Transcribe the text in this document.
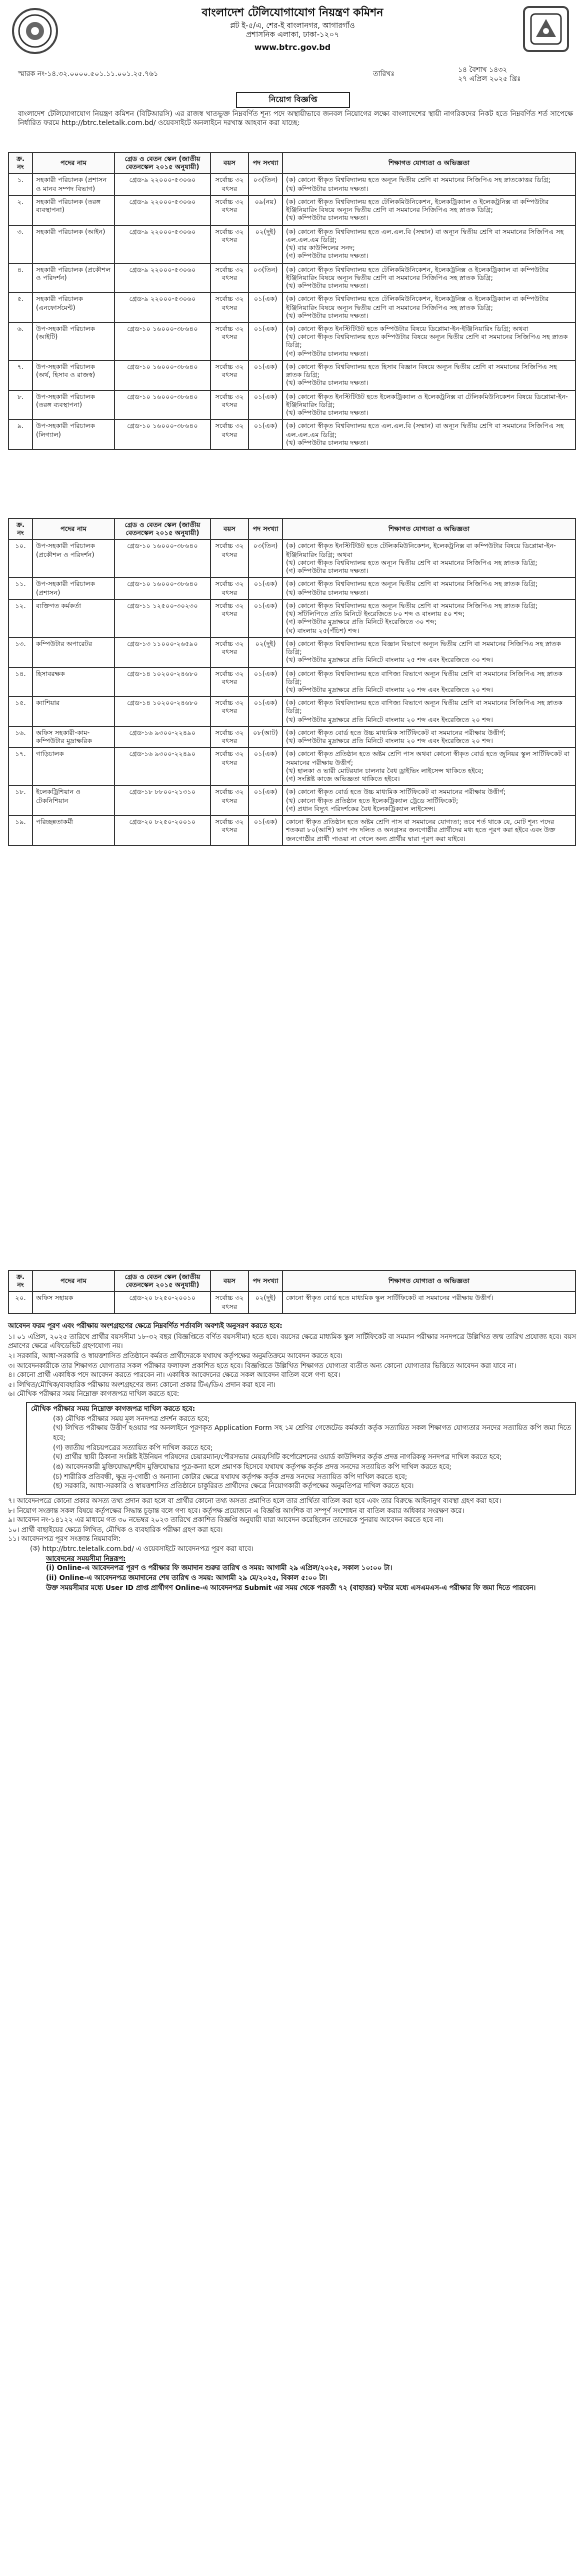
বাংলাদেশ টেলিযোগাযোগ নিয়ন্ত্রণ কমিশন
প্লট ই-৫/এ, শের-ই বাংলানগর, আগারগাঁও
প্রশাসনিক এলাকা, ঢাকা-১২০৭
www.btrc.gov.bd
স্মারক নং-১৪.৩২.০০০০.৫০১.১১.০০১.২৫.৭৬১	তারিখঃ	১৪ বৈশাখ ১৪৩২
২৭ এপ্রিল ২০২৫ খ্রিঃ
নিয়োগ বিজ্ঞপ্তি
বাংলাদেশ টেলিযোগাযোগ নিয়ন্ত্রণ কমিশন (বিটিআরসি) এর রাজস্ব খাতভুক্ত নিম্নবর্ণিত শূন্য পদে অস্থায়ীভাবে জনবল নিয়োগের লক্ষ্যে বাংলাদেশের স্থায়ী নাগরিকদের নিকট হতে নিম্নবর্ণিত শর্ত সাপেক্ষে নির্ধারিত ফরমে http://btrc.teletalk.com.bd/ ওয়েবসাইটে অনলাইনে দরখাস্ত আহবান করা যাচ্ছে:
ক্র. নং	পদের নাম	গ্রেড ও বেতন স্কেল (জাতীয় বেতনস্কেল ২০১৫ অনুযায়ী)	বয়স	পদ সংখ্যা	শিক্ষাগত যোগ্যতা ও অভিজ্ঞতা
১.	সহকারী পরিচালক (প্রশাসন ও মানব সম্পদ বিভাগ)	গ্রেড-৯ ২২০০০-৫৩০৬০	সর্বোচ্চ ৩২ বৎসর	০৩(তিন)	(ক) কোনো স্বীকৃত বিশ্ববিদ্যালয় হতে অন্যূন দ্বিতীয় শ্রেণি বা সমমানের সিজিপিএ সহ স্নাতকোত্তর ডিগ্রি;
(খ) কম্পিউটার চালনায় দক্ষতা।

২.	সহকারী পরিচালক (তরঙ্গ ব্যবস্থাপনা)	গ্রেড-৯ ২২০০০-৫৩০৬০	সর্বোচ্চ ৩২ বৎসর	০৯(নয়)	(ক) কোনো স্বীকৃত বিশ্ববিদ্যালয় হতে টেলিকমিউনিকেশন, ইলেকট্রিক্যাল ও ইলেকট্রনিক্স বা কম্পিউটার ইঞ্জিনিয়ারিং বিষয়ে অন্যূন দ্বিতীয় শ্রেণি বা সমমানের সিজিপিএ সহ স্নাতক ডিগ্রি;
(খ) কম্পিউটার চালনায় দক্ষতা।

৩.	সহকারী পরিচালক (আইন)	গ্রেড-৯ ২২০০০-৫৩০৬০	সর্বোচ্চ ৩২ বৎসর	০২(দুই)	(ক) কোনো স্বীকৃত বিশ্ববিদ্যালয় হতে এল.এল.বি (সম্মান) বা অন্যূন দ্বিতীয় শ্রেণি বা সমমানের সিজিপিএ সহ এল.এল.এম ডিগ্রি;
(খ) বার কাউন্সিলের সনদ;
(গ) কম্পিউটার চালনায় দক্ষতা।

৪.	সহকারী পরিচালক (প্রকৌশল ও পরিদর্শন)	গ্রেড-৯ ২২০০০-৫৩০৬০	সর্বোচ্চ ৩২ বৎসর	০৩(তিন)	(ক) কোনো স্বীকৃত বিশ্ববিদ্যালয় হতে টেলিকমিউনিকেশন, ইলেকট্রনিক্স ও ইলেকট্রিক্যাল বা কম্পিউটার ইঞ্জিনিয়ারিং বিষয়ে অন্যূন দ্বিতীয় শ্রেণি বা সমমানের সিজিপিএ সহ স্নাতক ডিগ্রি;
(খ) কম্পিউটার চালনায় দক্ষতা।

৫.	সহকারী পরিচালক (এনফোর্সমেন্ট)	গ্রেড-৯ ২২০০০-৫৩০৬০	সর্বোচ্চ ৩২ বৎসর	০১(এক)	(ক) কোনো স্বীকৃত বিশ্ববিদ্যালয় হতে টেলিকমিউনিকেশন, ইলেকট্রনিক্স ও ইলেকট্রিক্যাল বা কম্পিউটার ইঞ্জিনিয়ারিং বিষয়ে অন্যূন দ্বিতীয় শ্রেণি বা সমমানের সিজিপিএ সহ স্নাতক ডিগ্রি;
(খ) কম্পিউটার চালনায় দক্ষতা।

৬.	উপ-সহকারী পরিচালক (আইটি)	গ্রেড-১০ ১৬০০০-৩৮৬৪০	সর্বোচ্চ ৩২ বৎসর	০১(এক)	(ক) কোনো স্বীকৃত ইনস্টিটিউট হতে কম্পিউটার বিষয়ে ডিপ্লোমা-ইন-ইঞ্জিনিয়ারিং ডিগ্রি; অথবা
(খ) কোনো স্বীকৃত বিশ্ববিদ্যালয় হতে কম্পিউটার বিষয়ে অন্যূন দ্বিতীয় শ্রেণি বা সমমানের সিজিপিএ সহ স্নাতক ডিগ্রি;
(গ) কম্পিউটার চালনায় দক্ষতা।

৭.	উপ-সহকারী পরিচালক (অর্থ, হিসাব ও রাজস্ব)	গ্রেড-১০ ১৬০০০-৩৮৬৪০	সর্বোচ্চ ৩২ বৎসর	০১(এক)	(ক) কোনো স্বীকৃত বিশ্ববিদ্যালয় হতে হিসাব বিজ্ঞান বিষয়ে অন্যূন দ্বিতীয় শ্রেণি বা সমমানের সিজিপিএ সহ স্নাতক ডিগ্রি;
(খ) কম্পিউটার চালনায় দক্ষতা।

৮.	উপ-সহকারী পরিচালক (তরঙ্গ ব্যবস্থাপনা)	গ্রেড-১০ ১৬০০০-৩৮৬৪০	সর্বোচ্চ ৩২ বৎসর	০১(এক)	(ক) কোনো স্বীকৃত ইনস্টিটিউট হতে ইলেকট্রিক্যাল ও ইলেকট্রনিক্স বা টেলিকমিউনিকেশন বিষয়ে ডিপ্লোমা-ইন-ইঞ্জিনিয়ারিং ডিগ্রি;
(খ) কম্পিউটার চালনায় দক্ষতা।

৯.	উপ-সহকারী পরিচালক (লিগ্যাল)	গ্রেড-১০ ১৬০০০-৩৮৬৪০	সর্বোচ্চ ৩২ বৎসর	০১(এক)	(ক) কোনো স্বীকৃত বিশ্ববিদ্যালয় হতে এল.এল.বি (সম্মান) বা অন্যূন দ্বিতীয় শ্রেণি বা সমমানের সিজিপিএ সহ এল.এল.এম ডিগ্রি;
(খ) কম্পিউটার চালনায় দক্ষতা।
ক্র. নং	পদের নাম	গ্রেড ও বেতন স্কেল (জাতীয় বেতনস্কেল ২০১৫ অনুযায়ী)	বয়স	পদ সংখ্যা	শিক্ষাগত যোগ্যতা ও অভিজ্ঞতা
১০.	উপ-সহকারী পরিচালক (প্রকৌশল ও পরিদর্শন)	গ্রেড-১০ ১৬০০০-৩৮৬৪০	সর্বোচ্চ ৩২ বৎসর	০৩(তিন)	(ক) কোনো স্বীকৃত ইনস্টিটিউট হতে টেলিকমিউনিকেশন, ইলেকট্রনিক্স বা কম্পিউটার বিষয়ে ডিপ্লোমা-ইন-ইঞ্জিনিয়ারিং ডিগ্রি; অথবা
(খ) কোনো স্বীকৃত বিশ্ববিদ্যালয় হতে অন্যূন দ্বিতীয় শ্রেণি বা সমমানের সিজিপিএ সহ স্নাতক ডিগ্রি;
(গ) কম্পিউটার চালনায় দক্ষতা।

১১.	উপ-সহকারী পরিচালক (প্রশাসন)	গ্রেড-১০ ১৬০০০-৩৮৬৪০	সর্বোচ্চ ৩২ বৎসর	০১(এক)	(ক) কোনো স্বীকৃত বিশ্ববিদ্যালয় হতে অন্যূন দ্বিতীয় শ্রেণি বা সমমানের সিজিপিএ সহ স্নাতক ডিগ্রি;
(খ) কম্পিউটার চালনায় দক্ষতা।

১২.	ব্যক্তিগত কর্মকর্তা	গ্রেড-১১ ১২৫০০-৩০২৩০	সর্বোচ্চ ৩২ বৎসর	০১(এক)	(ক) কোনো স্বীকৃত বিশ্ববিদ্যালয় হতে অন্যূন দ্বিতীয় শ্রেণি বা সমমানের সিজিপিএ সহ স্নাতক ডিগ্রি;
(খ) সাঁটলিপিতে প্রতি মিনিটে ইংরেজিতে ৮০ শব্দ ও বাংলায় ৫০ শব্দ;
(গ) কম্পিউটার মুদ্রাক্ষরে প্রতি মিনিটে ইংরেজিতে ৩০ শব্দ;
(ঘ) বাংলায় ২৫(পঁচিশ) শব্দ।

১৩.	কম্পিউটার অপারেটর	গ্রেড-১৩ ১১০০০-২৬৫৯০	সর্বোচ্চ ৩২ বৎসর	০২(দুই)	(ক) কোনো স্বীকৃত বিশ্ববিদ্যালয় হতে বিজ্ঞান বিভাগে অন্যূন দ্বিতীয় শ্রেণি বা সমমানের সিজিপিএ সহ স্নাতক ডিগ্রি;
(খ) কম্পিউটার মুদ্রাক্ষরে প্রতি মিনিটে বাংলায় ২৫ শব্দ এবং ইংরেজিতে ৩০ শব্দ।

১৪.	হিসাবরক্ষক	গ্রেড-১৪ ১০২০০-২৪৬৮০	সর্বোচ্চ ৩২ বৎসর	০১(এক)	(ক) কোনো স্বীকৃত বিশ্ববিদ্যালয় হতে বাণিজ্য বিভাগে অন্যূন দ্বিতীয় শ্রেণি বা সমমানের সিজিপিএ সহ স্নাতক ডিগ্রি;
(খ) কম্পিউটার মুদ্রাক্ষরে প্রতি মিনিটে বাংলায় ২০ শব্দ এবং ইংরেজিতে ২০ শব্দ।

১৫.	ক্যাশিয়ার	গ্রেড-১৪ ১০২০০-২৪৬৮০	সর্বোচ্চ ৩২ বৎসর	০১(এক)	(ক) কোনো স্বীকৃত বিশ্ববিদ্যালয় হতে বাণিজ্য বিভাগে অন্যূন দ্বিতীয় শ্রেণি বা সমমানের সিজিপিএ সহ স্নাতক ডিগ্রি;
(খ) কম্পিউটার মুদ্রাক্ষরে প্রতি মিনিটে বাংলায় ২০ শব্দ এবং ইংরেজিতে ২০ শব্দ।

১৬.	অফিস সহকারী-কাম-কম্পিউটার মুদ্রাক্ষরিক	গ্রেড-১৬ ৯৩০০-২২৪৯০	সর্বোচ্চ ৩২ বৎসর	০৮(আট)	(ক) কোনো স্বীকৃত বোর্ড হতে উচ্চ মাধ্যমিক সার্টিফিকেট বা সমমানের পরীক্ষায় উত্তীর্ণ;
(খ) কম্পিউটার মুদ্রাক্ষরে প্রতি মিনিটে বাংলায় ২০ শব্দ এবং ইংরেজিতে ২০ শব্দ।

১৭.	গাড়িচালক	গ্রেড-১৬ ৯৩০০-২২৪৯০	সর্বোচ্চ ৩২ বৎসর	০১(এক)	(ক) কোনো স্বীকৃত প্রতিষ্ঠান হতে অষ্টম শ্রেণি পাস অথবা কোনো স্বীকৃত বোর্ড হতে জুনিয়র স্কুল সার্টিফিকেট বা সমমানের পরীক্ষায় উত্তীর্ণ;
(খ) হালকা ও ভারী মোটরযান চালনার বৈধ ড্রাইভিং লাইসেন্স থাকিতে হইবে;
(গ) সংশ্লিষ্ট কাজে অভিজ্ঞতা থাকিতে হইবে।

১৮.	ইলেকট্রিশিয়ান ও টেকনিশিয়ান	গ্রেড-১৮ ৮৮০০-২১৩১০	সর্বোচ্চ ৩২ বৎসর	০১(এক)	(ক) কোনো স্বীকৃত বোর্ড হতে উচ্চ মাধ্যমিক সার্টিফিকেট বা সমমানের পরীক্ষায় উত্তীর্ণ;
(খ) কোনো স্বীকৃত প্রতিষ্ঠান হতে ইলেকট্রিক্যাল ট্রেডে সার্টিফিকেট;
(গ) প্রধান বিদ্যুৎ পরিদর্শকের বৈধ ইলেকট্রিক্যাল লাইসেন্স।

১৯.	পরিচ্ছন্নতাকর্মী	গ্রেড-২০ ৮২৫০-২০০১০	সর্বোচ্চ ৩২ বৎসর	০১(এক)	কোনো স্বীকৃত প্রতিষ্ঠান হতে অষ্টম শ্রেণি পাস বা সমমানের যোগ্যতা; তবে শর্ত থাকে যে, মোট শূন্য পদের শতকরা ৮০(আশি) ভাগ পদ দলিত ও অনগ্রসর জনগোষ্ঠীর প্রার্থীদের মধ্য হতে পূরণ করা হইবে এবং উক্ত জনগোষ্ঠীর প্রার্থী পাওয়া না গেলে অন্য প্রার্থীর দ্বারা পূরণ করা যাইবে।
ক্র. নং	পদের নাম	গ্রেড ও বেতন স্কেল (জাতীয় বেতনস্কেল ২০১৫ অনুযায়ী)	বয়স	পদ সংখ্যা	শিক্ষাগত যোগ্যতা ও অভিজ্ঞতা
২০.	অফিস সহায়ক	গ্রেড-২০ ৮২৫০-২০০১০	সর্বোচ্চ ৩২ বৎসর	০২(দুই)	কোনো স্বীকৃত বোর্ড হতে মাধ্যমিক স্কুল সার্টিফিকেট বা সমমানের পরীক্ষায় উত্তীর্ণ।
আবেদন ফরম পূরণ এবং পরীক্ষায় অংশগ্রহণের ক্ষেত্রে নিম্নবর্ণিত শর্তাবলি অবশ্যই অনুসরণ করতে হবে:
১। ০১ এপ্রিল, ২০২৫ তারিখে প্রার্থীর বয়সসীমা ১৮-৩২ বছর (বিজ্ঞপ্তিতে বর্ণিত বয়সসীমা) হতে হবে। বয়সের ক্ষেত্রে মাধ্যমিক স্কুল সার্টিফিকেট বা সমমান পরীক্ষার সনদপত্রে উল্লিখিত জন্ম তারিখ প্রযোজ্য হবে। বয়স প্রমাণের ক্ষেত্রে এফিডেভিট গ্রহণযোগ্য নয়।
২। সরকারি, আধা-সরকারি ও স্বায়ত্তশাসিত প্রতিষ্ঠানে কর্মরত প্রার্থীদেরকে যথাযথ কর্তৃপক্ষের অনুমতিক্রমে আবেদন করতে হবে।
৩। আবেদনকারীকে তার শিক্ষাগত যোগ্যতার সকল পরীক্ষার ফলাফল প্রকাশিত হতে হবে। বিজ্ঞপ্তিতে উল্লিখিত শিক্ষাগত যোগ্যতা ব্যতীত অন্য কোনো যোগ্যতার ভিত্তিতে আবেদন করা যাবে না।
৪। কোনো প্রার্থী একাধিক পদে আবেদন করতে পারবেন না। একাধিক আবেদনের ক্ষেত্রে সকল আবেদন বাতিল বলে গণ্য হবে।
৫। লিখিত/মৌখিক/ব্যবহারিক পরীক্ষায় অংশগ্রহণের জন্য কোনো প্রকার টিএ/ডিএ প্রদান করা হবে না।
৬। মৌখিক পরীক্ষার সময় নিম্নোক্ত কাগজপত্র দাখিল করতে হবে:
মৌখিক পরীক্ষার সময় নিম্নোক্ত কাগজপত্র দাখিল করতে হবে:
(ক) মৌখিক পরীক্ষার সময় মূল সনদপত্র প্রদর্শন করতে হবে;
(খ) লিখিত পরীক্ষায় উত্তীর্ণ হওয়ার পর অনলাইনে পূরণকৃত Application Form সহ ১ম শ্রেণির গেজেটেড কর্মকর্তা কর্তৃক সত্যায়িত সকল শিক্ষাগত যোগ্যতার সনদের সত্যায়িত কপি জমা দিতে হবে;
(গ) জাতীয় পরিচয়পত্রের সত্যায়িত কপি দাখিল করতে হবে;
(ঘ) প্রার্থীর স্থায়ী ঠিকানা সংশ্লিষ্ট ইউনিয়ন পরিষদের চেয়ারম্যান/পৌরসভার মেয়র/সিটি কর্পোরেশনের ওয়ার্ড কাউন্সিলর কর্তৃক প্রদত্ত নাগরিকত্ব সনদপত্র দাখিল করতে হবে;
(ঙ) আবেদনকারী মুক্তিযোদ্ধা/শহীদ মুক্তিযোদ্ধার পুত্র-কন্যা হলে প্রমাণক হিসেবে যথাযথ কর্তৃপক্ষ কর্তৃক প্রদত্ত সনদের সত্যায়িত কপি দাখিল করতে হবে;
(চ) শারীরিক প্রতিবন্ধী, ক্ষুদ্র নৃ-গোষ্ঠী ও অন্যান্য কোটার ক্ষেত্রে যথাযথ কর্তৃপক্ষ কর্তৃক প্রদত্ত সনদের সত্যায়িত কপি দাখিল করতে হবে;
(ছ) সরকারি, আধা-সরকারি ও স্বায়ত্তশাসিত প্রতিষ্ঠানে চাকুরিরত প্রার্থীদের ক্ষেত্রে নিয়োগকারী কর্তৃপক্ষের অনুমতিপত্র দাখিল করতে হবে।
৭। আবেদনপত্রে কোনো প্রকার অসত্য তথ্য প্রদান করা হলে বা প্রার্থীর কোনো তথ্য অসত্য প্রমাণিত হলে তার প্রার্থিতা বাতিল করা হবে এবং তার বিরুদ্ধে আইনানুগ ব্যবস্থা গ্রহণ করা হবে।
৮। নিয়োগ সংক্রান্ত সকল বিষয়ে কর্তৃপক্ষের সিদ্ধান্ত চূড়ান্ত বলে গণ্য হবে। কর্তৃপক্ষ প্রয়োজনে এ বিজ্ঞপ্তি আংশিক বা সম্পূর্ণ সংশোধন বা বাতিল করার অধিকার সংরক্ষণ করে।
৯। আবেদন নং-১৪১২২ এর মাধ্যমে গত ৩০ নভেম্বর ২০২৩ তারিখে প্রকাশিত বিজ্ঞপ্তি অনুযায়ী যারা আবেদন করেছিলেন তাদেরকে পুনরায় আবেদন করতে হবে না।
১০। প্রার্থী বাছাইয়ের ক্ষেত্রে লিখিত, মৌখিক ও ব্যবহারিক পরীক্ষা গ্রহণ করা হবে।
১১। আবেদনপত্র পূরণ সংক্রান্ত নিয়মাবলি:
(ক) http://btrc.teletalk.com.bd/ এ ওয়েবসাইটে আবেদনপত্র পূরণ করা যাবে।
আবেদনের সময়সীমা নিম্নরূপ:
(i) Online-এ আবেদনপত্র পূরণ ও পরীক্ষার ফি জমাদান শুরুর তারিখ ও সময়: আগামী ২৯ এপ্রিল/২০২৫, সকাল ১০:০০ টা।
(ii) Online-এ আবেদনপত্র জমাদানের শেষ তারিখ ও সময়: আগামী ২৯ মে/২০২৫, বিকাল ৫:০০ টা।
উক্ত সময়সীমার মধ্যে User ID প্রাপ্ত প্রার্থীগণ Online-এ আবেদনপত্র Submit এর সময় থেকে পরবর্তী ৭২ (বাহাত্তর) ঘণ্টার মধ্যে এসএমএস-এ পরীক্ষার ফি জমা দিতে পারবেন।
